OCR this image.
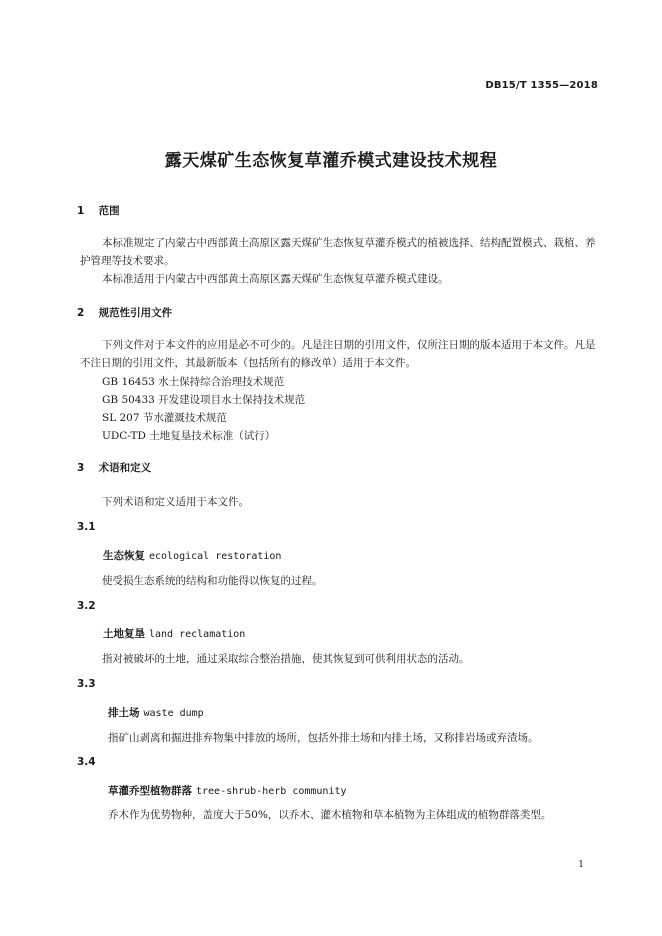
DB15/T 1355—2018
露天煤矿生态恢复草灌乔模式建设技术规程
1 范围
本标准规定了内蒙古中西部黄土高原区露天煤矿生态恢复草灌乔模式的植被选择、结构配置模式、栽植、养护管理等技术要求。
本标准适用于内蒙古中西部黄土高原区露天煤矿生态恢复草灌乔模式建设。
2 规范性引用文件
下列文件对于本文件的应用是必不可少的。凡是注日期的引用文件，仅所注日期的版本适用于本文件。凡是不注日期的引用文件，其最新版本（包括所有的修改单）适用于本文件。
GB 16453 水土保持综合治理技术规范
GB 50433 开发建设项目水土保持技术规范
SL 207 节水灌溉技术规范
UDC-TD 土地复垦技术标准（试行）
3 术语和定义
下列术语和定义适用于本文件。
3.1
生态恢复 ecological restoration
使受损生态系统的结构和功能得以恢复的过程。
3.2
土地复垦 land reclamation
指对被破坏的土地，通过采取综合整治措施，使其恢复到可供利用状态的活动。
3.3
排土场 waste dump
指矿山剥离和掘进排弃物集中排放的场所，包括外排土场和内排土场，又称排岩场或弃渣场。
3.4
草灌乔型植物群落 tree-shrub-herb community
乔木作为优势物种，盖度大于50%，以乔木、灌木植物和草本植物为主体组成的植物群落类型。
1
